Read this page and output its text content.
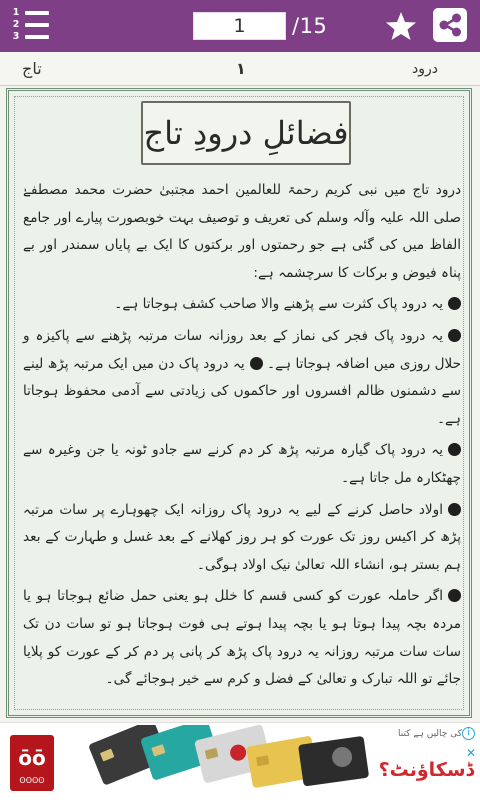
1
2
3	1	/15
تاج	۱	درود
فضائلِ درودِ تاج

درود تاج میں نبی کریم رحمۃ للعالمین احمد مجتبیٰ حضرت محمد مصطفےٰ صلی اللہ علیہ وآلہ وسلم کی تعریف و توصیف بہت خوبصورت پیارے اور جامع الفاظ میں کی گئی ہے جو رحمتوں اور برکتوں کا ایک بے پایاں سمندر اور بے پناہ فیوض و برکات کا سرچشمہ ہے:

یہ درود پاک کثرت سے پڑھنے والا صاحب کشف ہوجاتا ہے۔

یہ درود پاک فجر کی نماز کے بعد روزانہ سات مرتبہ پڑھنے سے پاکیزہ و حلال روزی میں اضافہ ہوجاتا ہے۔ یہ درود پاک دن میں ایک مرتبہ پڑھ لینے سے دشمنوں ظالم افسروں اور حاکموں کی زیادتی سے آدمی محفوظ ہوجاتا ہے۔

یہ درود پاک گیارہ مرتبہ پڑھ کر دم کرنے سے جادو ٹونہ یا جن وغیرہ سے چھٹکارہ مل جاتا ہے۔

اولاد حاصل کرنے کے لیے یہ درود پاک روزانہ ایک چھوہارے پر سات مرتبہ پڑھ کر اکیس روز تک عورت کو ہر روز کھلانے کے بعد غسل و طہارت کے بعد ہم بستر ہو، انشاء اللہ تعالیٰ نیک اولاد ہوگی۔

اگر حاملہ عورت کو کسی قسم کا خلل ہو یعنی حمل ضائع ہوجاتا ہو یا مردہ بچہ پیدا ہوتا ہو یا بچہ پیدا ہوتے ہی فوت ہوجاتا ہو تو سات دن تک سات سات مرتبہ روزانہ یہ درود پاک پڑھ کر پانی پر دم کر کے عورت کو پلایا جائے تو اللہ تبارک و تعالیٰ کے فضل و کرم سے خیر ہوجائے گی۔

ōō
ʘʘʘʘ
کی چالیں ہے کتنا
ڈسکاؤنٹ؟
i
✕
